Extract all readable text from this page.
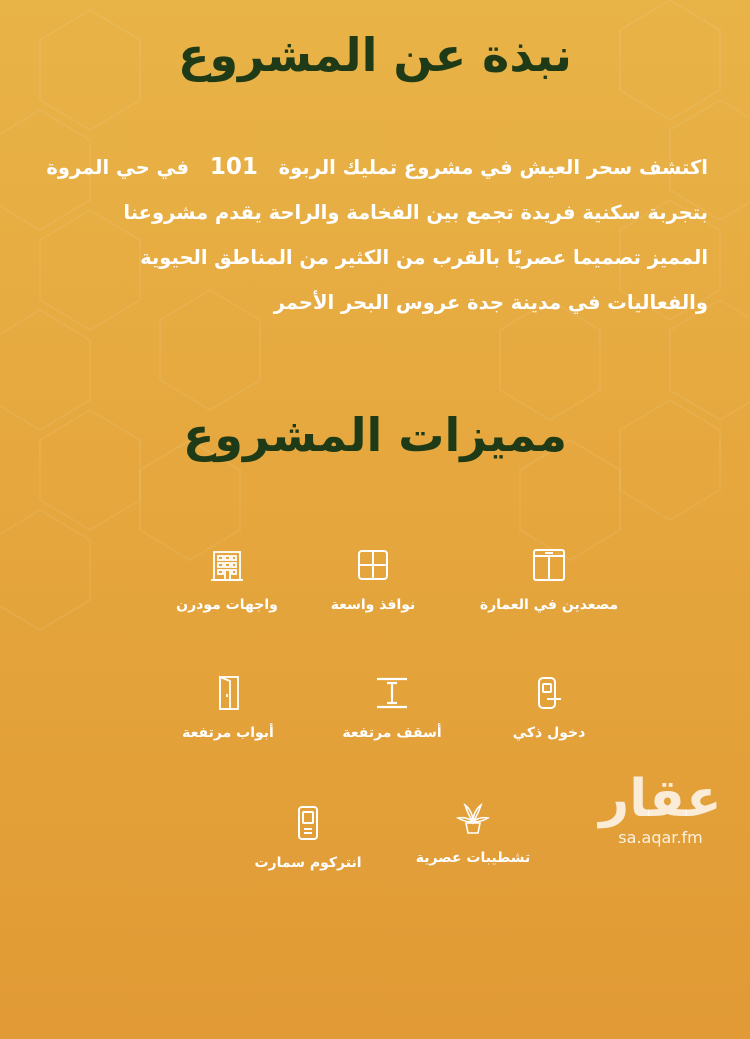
نبذة عن المشروع
اكتشف سحر العيش في مشروع تمليك الربوة 101 في حي المروة
بتجربة سكنية فريدة تجمع بين الفخامة والراحة يقدم مشروعنا
المميز تصميما عصريًا بالقرب من الكثير من المناطق الحيوية
والفعاليات في مدينة جدة عروس البحر الأحمر
مميزات المشروع
مصعدين في العمارة
نوافذ واسعة
واجهات مودرن
دخول ذكي
أسقف مرتفعة
أبواب مرتفعة
تشطيبات عصرية
انتركوم سمارت
عقار
sa.aqar.fm
